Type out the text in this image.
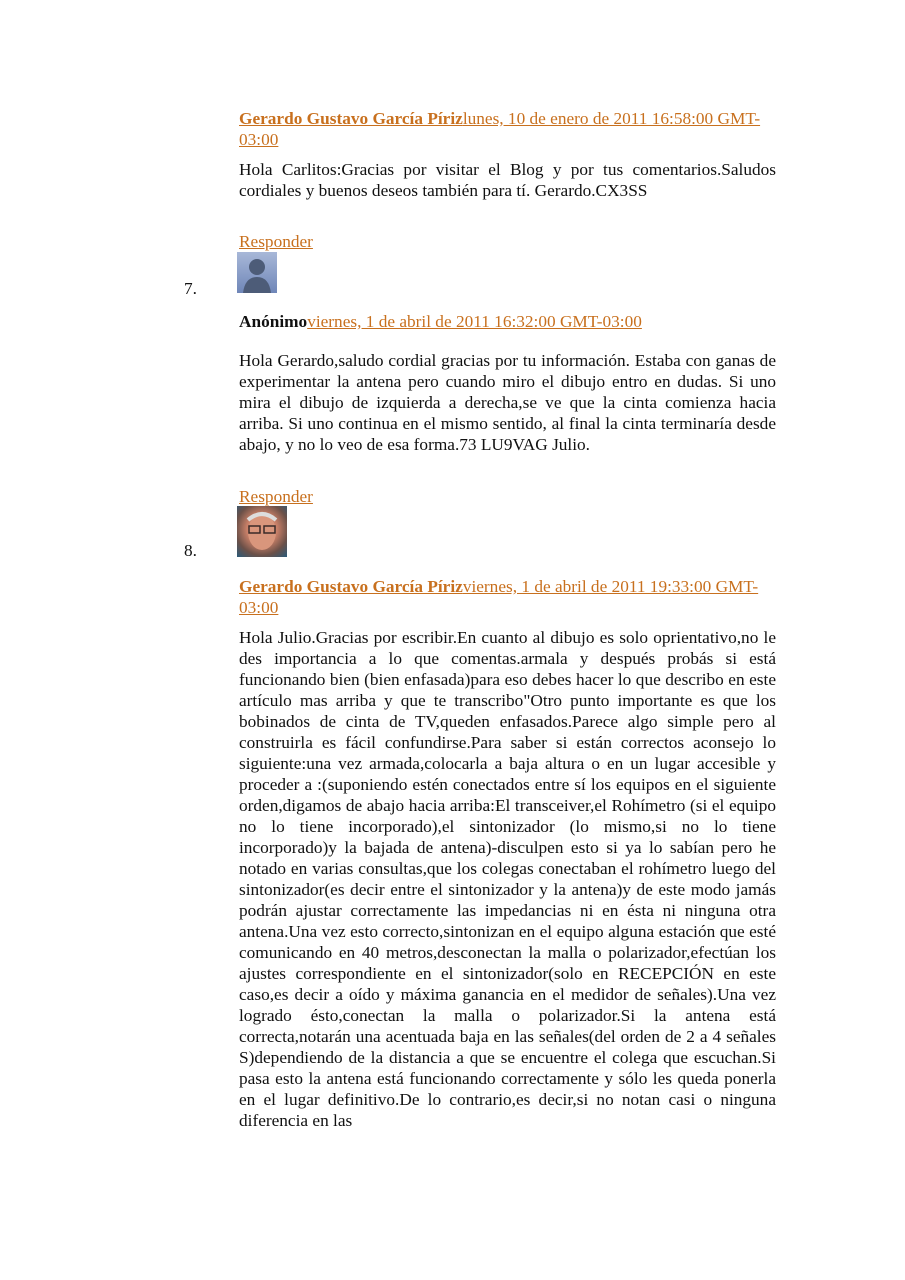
Gerardo Gustavo García Pírizlunes, 10 de enero de 2011 16:58:00 GMT-03:00
Hola Carlitos:Gracias por visitar el Blog y por tus comentarios.Saludos cordiales y buenos deseos también para tí. Gerardo.CX3SS
Responder
7.
Anónimoviernes, 1 de abril de 2011 16:32:00 GMT-03:00
Hola Gerardo,saludo cordial gracias por tu información. Estaba con ganas de experimentar la antena pero cuando miro el dibujo entro en dudas. Si uno mira el dibujo de izquierda a derecha,se ve que la cinta comienza hacia arriba. Si uno continua en el mismo sentido, al final la cinta terminaría desde abajo, y no lo veo de esa forma.73 LU9VAG Julio.
Responder
8.
Gerardo Gustavo García Pírizviernes, 1 de abril de 2011 19:33:00 GMT-03:00
Hola Julio.Gracias por escribir.En cuanto al dibujo es solo oprientativo,no le des importancia a lo que comentas.armala y después probás si está funcionando bien (bien enfasada)para eso debes hacer lo que describo en este artículo mas arriba y que te transcribo"Otro punto importante es que los bobinados de cinta de TV,queden enfasados.Parece algo simple pero al construirla es fácil confundirse.Para saber si están correctos aconsejo lo siguiente:una vez armada,colocarla a baja altura o en un lugar accesible y proceder a :(suponiendo estén conectados entre sí los equipos en el siguiente orden,digamos de abajo hacia arriba:El transceiver,el Rohímetro (si el equipo no lo tiene incorporado),el sintonizador (lo mismo,si no lo tiene incorporado)y la bajada de antena)-disculpen esto si ya lo sabían pero he notado en varias consultas,que los colegas conectaban el rohímetro luego del sintonizador(es decir entre el sintonizador y la antena)y de este modo jamás podrán ajustar correctamente las impedancias ni en ésta ni ninguna otra antena.Una vez esto correcto,sintonizan en el equipo alguna estación que esté comunicando en 40 metros,desconectan la malla o polarizador,efectúan los ajustes correspondiente en el sintonizador(solo en RECEPCIÓN en este caso,es decir a oído y máxima ganancia en el medidor de señales).Una vez logrado ésto,conectan la malla o polarizador.Si la antena está correcta,notarán una acentuada baja en las señales(del orden de 2 a 4 señales S)dependiendo de la distancia a que se encuentre el colega que escuchan.Si pasa esto la antena está funcionando correctamente y sólo les queda ponerla en el lugar definitivo.De lo contrario,es decir,si no notan casi o ninguna diferencia en las
